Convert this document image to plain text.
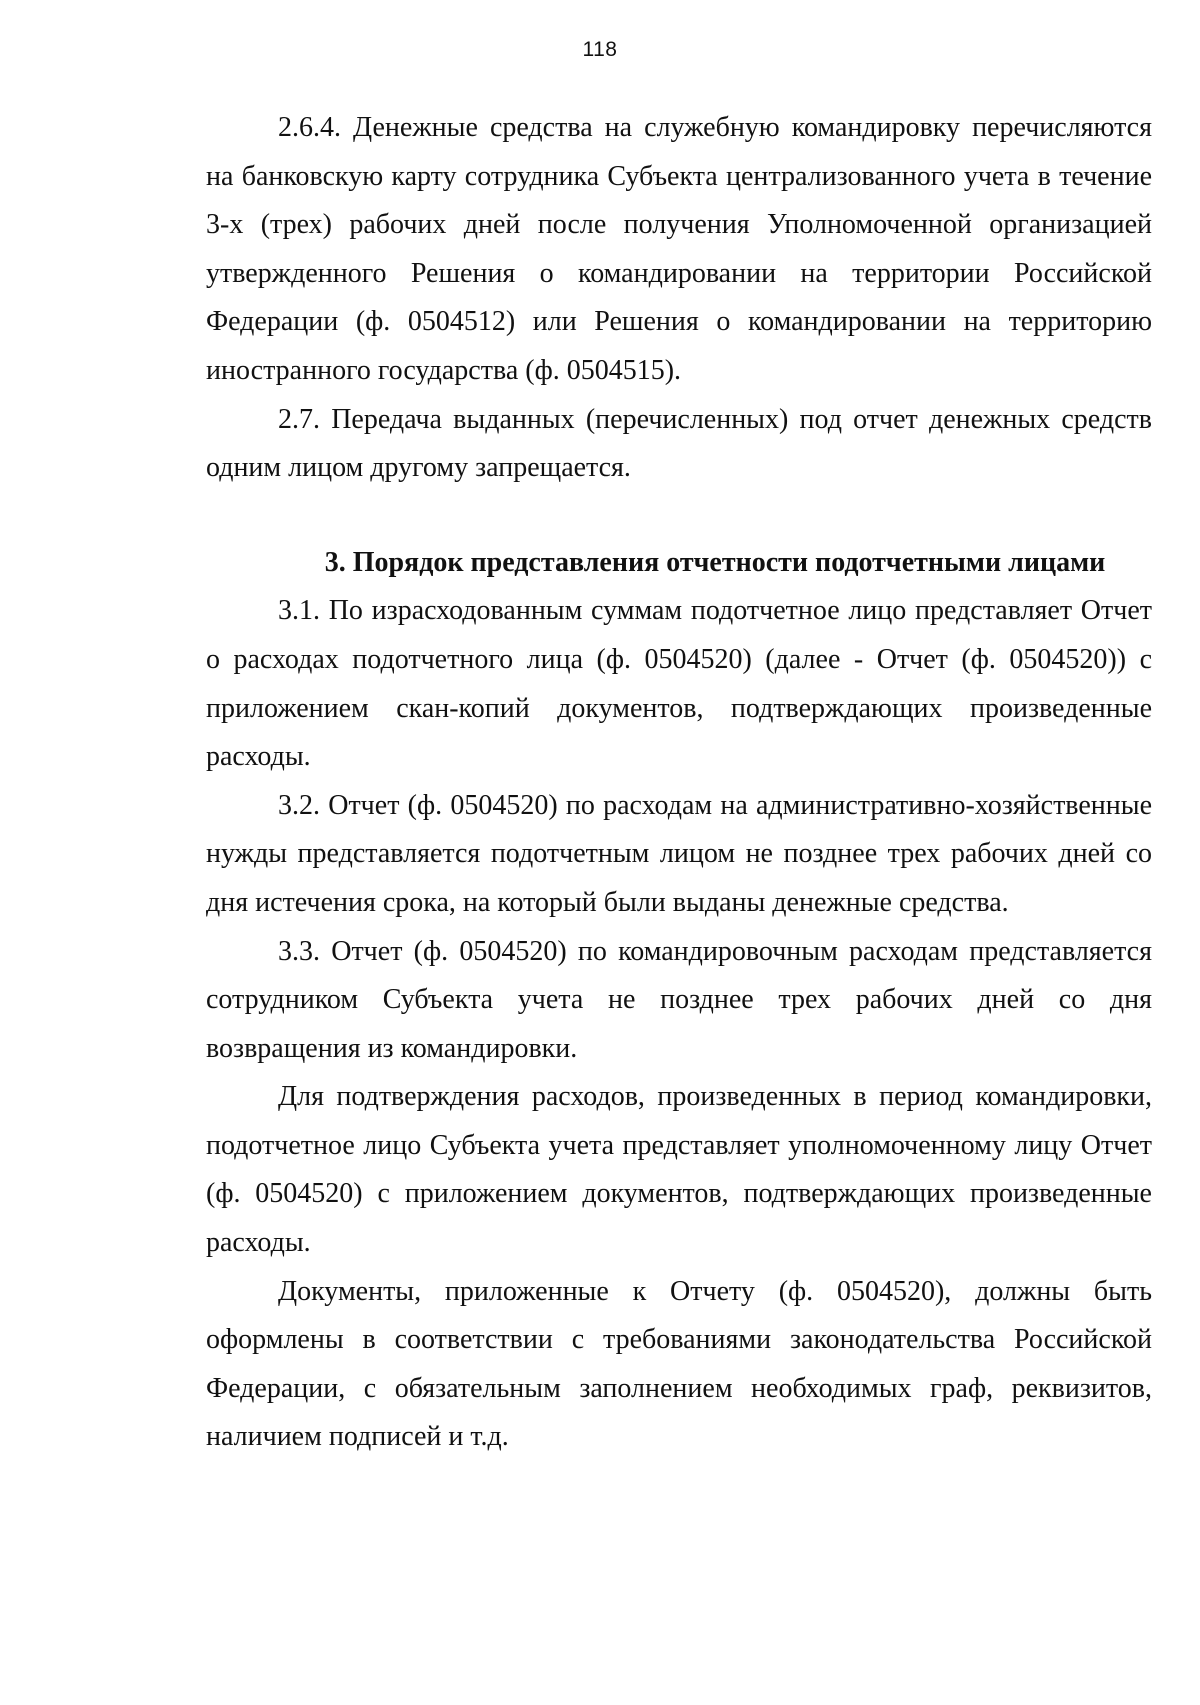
118

2.6.4. Денежные средства на служебную командировку перечисляются на банковскую карту сотрудника Субъекта централизованного учета в течение 3-х (трех) рабочих дней после получения Уполномоченной организацией утвержденного Решения о командировании на территории Российской Федерации (ф. 0504512) или Решения о командировании на территорию иностранного государства (ф. 0504515).

2.7. Передача выданных (перечисленных) под отчет денежных средств одним лицом другому запрещается.

3. Порядок представления отчетности подотчетными лицами

3.1. По израсходованным суммам подотчетное лицо представляет Отчет о расходах подотчетного лица (ф. 0504520) (далее - Отчет (ф. 0504520)) с приложением скан-копий документов, подтверждающих произведенные расходы.

3.2. Отчет (ф. 0504520) по расходам на административно-хозяйственные нужды представляется подотчетным лицом не позднее трех рабочих дней со дня истечения срока, на который были выданы денежные средства.

3.3. Отчет (ф. 0504520) по командировочным расходам представляется сотрудником Субъекта учета не позднее трех рабочих дней со дня возвращения из командировки.

Для подтверждения расходов, произведенных в период командировки, подотчетное лицо Субъекта учета представляет уполномоченному лицу Отчет (ф. 0504520) с приложением документов, подтверждающих произведенные расходы.

Документы, приложенные к Отчету (ф. 0504520), должны быть оформлены в соответствии с требованиями законодательства Российской Федерации, с обязательным заполнением необходимых граф, реквизитов, наличием подписей и т.д.
